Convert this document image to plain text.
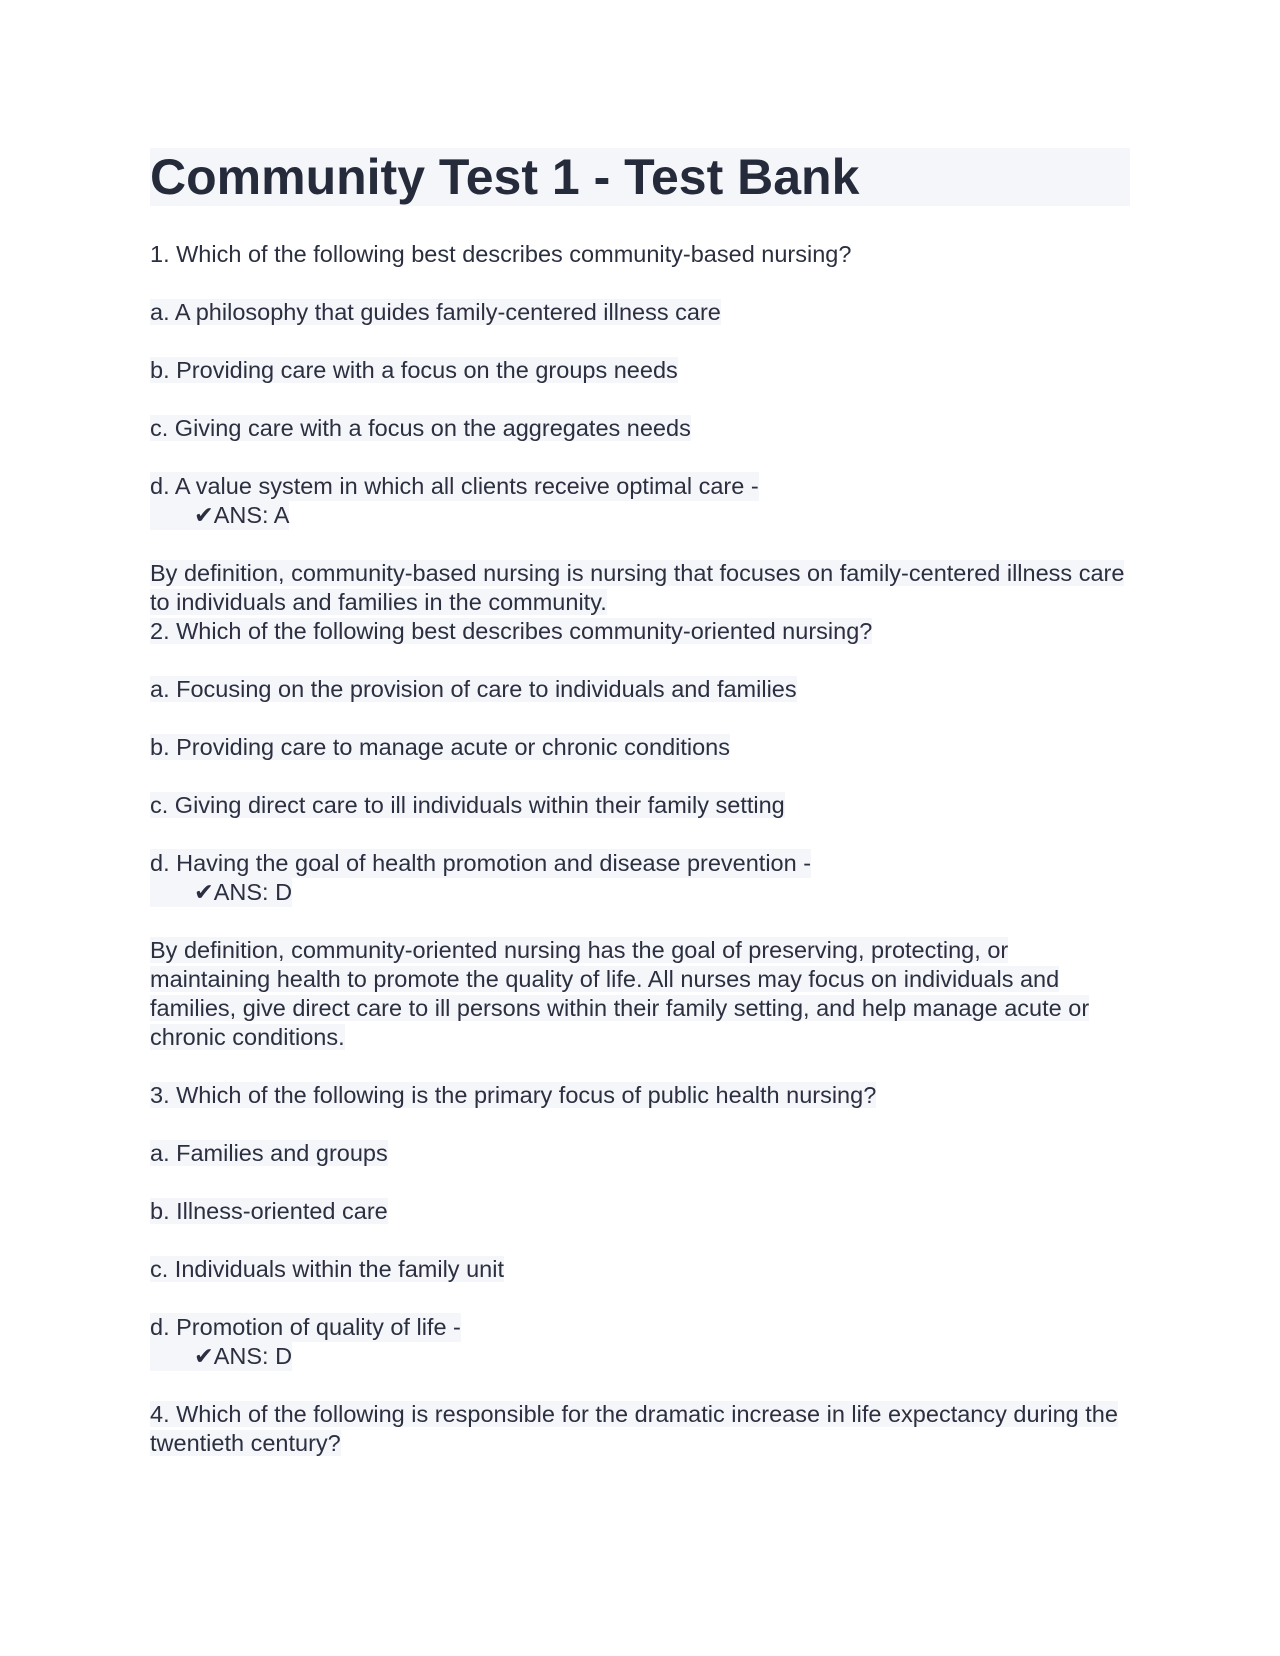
Community Test 1 - Test Bank
1. Which of the following best describes community-based nursing?
a. A philosophy that guides family-centered illness care
b. Providing care with a focus on the groups needs
c. Giving care with a focus on the aggregates needs
d. A value system in which all clients receive optimal care -
✔ANS: A
By definition, community-based nursing is nursing that focuses on family-centered illness care to individuals and families in the community.
2. Which of the following best describes community-oriented nursing?
a. Focusing on the provision of care to individuals and families
b. Providing care to manage acute or chronic conditions
c. Giving direct care to ill individuals within their family setting
d. Having the goal of health promotion and disease prevention -
✔ANS: D
By definition, community-oriented nursing has the goal of preserving, protecting, or maintaining health to promote the quality of life. All nurses may focus on individuals and families, give direct care to ill persons within their family setting, and help manage acute or chronic conditions.
3. Which of the following is the primary focus of public health nursing?
a. Families and groups
b. Illness-oriented care
c. Individuals within the family unit
d. Promotion of quality of life -
✔ANS: D
4. Which of the following is responsible for the dramatic increase in life expectancy during the twentieth century?
